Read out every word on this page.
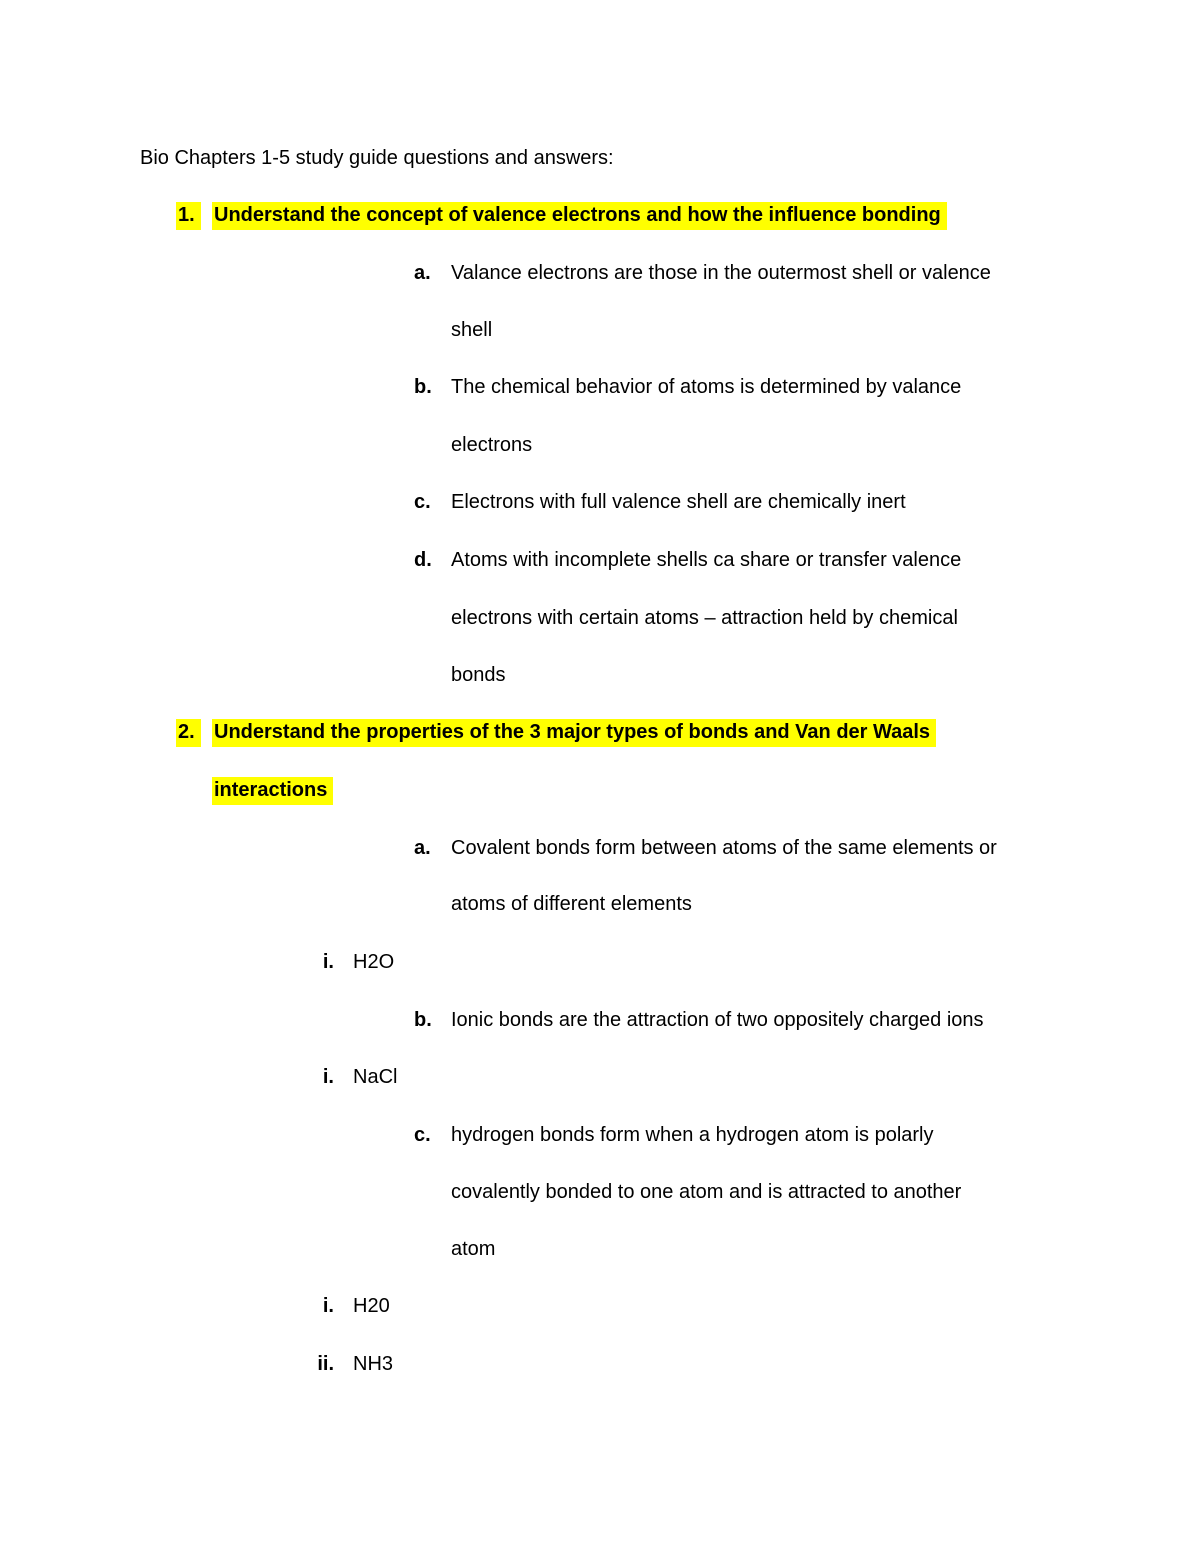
Bio Chapters 1-5 study guide questions and answers:
1. Understand the concept of valence electrons and how the influence bonding
a. Valance electrons are those in the outermost shell or valence
shell
b. The chemical behavior of atoms is determined by valance
electrons
c. Electrons with full valence shell are chemically inert
d. Atoms with incomplete shells ca share or transfer valence
electrons with certain atoms – attraction held by chemical
bonds
2. Understand the properties of the 3 major types of bonds and Van der Waals
interactions
a. Covalent bonds form between atoms of the same elements or
atoms of different elements
i. H2O
b. Ionic bonds are the attraction of two oppositely charged ions
i. NaCl
c. hydrogen bonds form when a hydrogen atom is polarly
covalently bonded to one atom and is attracted to another
atom
i. H20
ii. NH3
